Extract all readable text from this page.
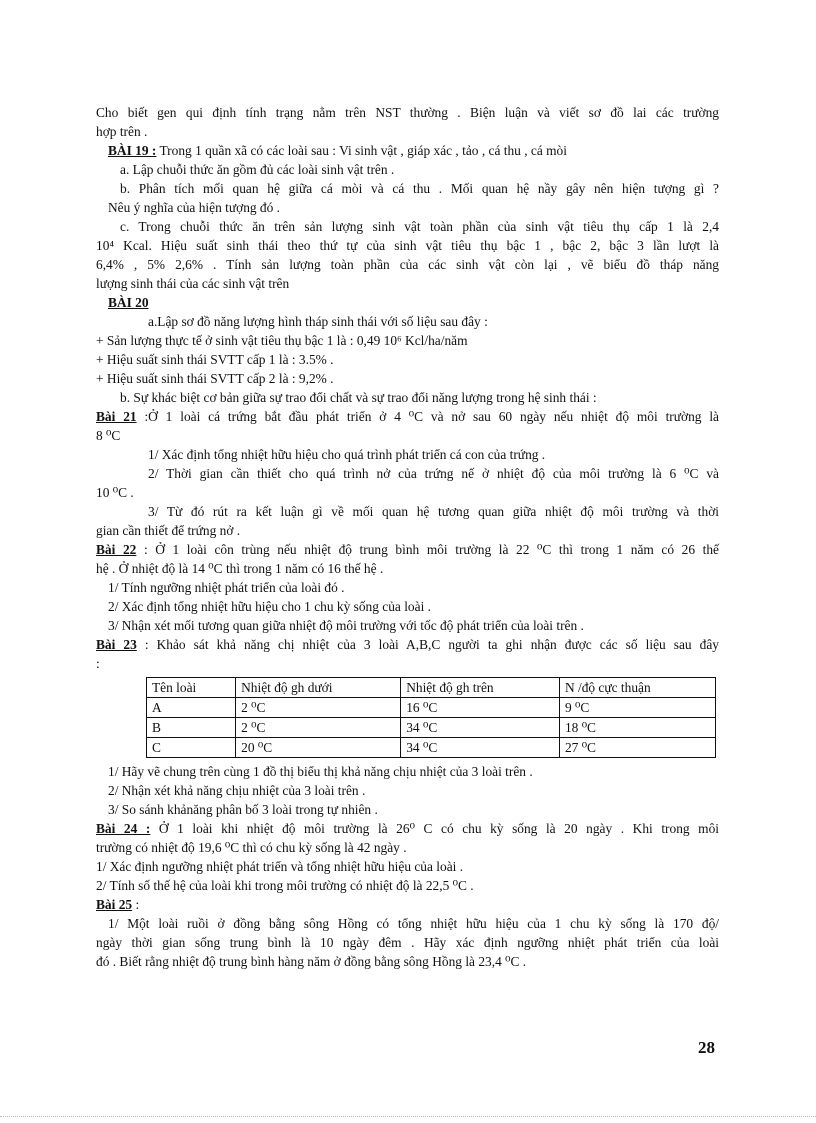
Cho biết gen qui định tính trạng nằm trên NST thường . Biện luận và viết sơ đồ lai các trường

hợp trên .

BÀI 19 : Trong 1 quần xã có các loài sau : Vi sinh vật , giáp xác , tảo , cá thu , cá mòi

a. Lập chuỗi thức ăn gồm đủ các loài sinh vật trên .

b. Phân tích mối quan hệ giữa cá mòi và cá thu . Mối quan hệ nầy gây nên hiện tượng gì ?

Nêu ý nghĩa của hiện tượng đó .

c. Trong chuỗi thức ăn trên sản lượng sinh vật toàn phần của sinh vật tiêu thụ cấp 1 là 2,4

10⁴ Kcal. Hiệu suất sinh thái theo thứ tự của sinh vật tiêu thụ bậc 1 , bậc 2, bậc 3 lần lượt là

6,4% , 5% 2,6% . Tính sản lượng toàn phần của các sinh vật còn lại , vẽ biểu đồ tháp năng

lượng sinh thái của các sinh vật trên

BÀI 20

a.Lập sơ đồ năng lượng hình tháp sinh thái với số liệu sau đây :

+ Sản lượng thực tế ở sinh vật tiêu thụ bậc 1 là : 0,49 10⁶ Kcl/ha/năm

+ Hiệu suất sinh thái SVTT cấp 1 là : 3.5% .

+ Hiệu suất sinh thái SVTT cấp 2 là : 9,2% .

b. Sự khác biệt cơ bản giữa sự trao đổi chất và sự trao đổi năng lượng trong hệ sinh thái :

Bài 21 :Ở 1 loài cá trứng bắt đầu phát triển ở 4 ⁰C và nở sau 60 ngày nếu nhiệt độ môi trường là

8 ⁰C

1/ Xác định tổng nhiệt hữu hiệu cho quá trình phát triển cá con của trứng .

2/ Thời gian cần thiết cho quá trình nở của trứng nế ở nhiệt độ của môi trường là 6 ⁰C và

10 ⁰C .

3/ Từ đó rút ra kết luận gì về mối quan hệ tương quan giữa nhiệt độ môi trường và thời

gian cần thiết để trứng nở .

Bài 22 : Ở 1 loài côn trùng nếu nhiệt độ trung bình môi trường là 22 ⁰C thì trong 1 năm có 26 thế

hệ . Ở nhiệt độ là 14 ⁰C thì trong 1 năm có 16 thế hệ .

1/ Tính ngưỡng nhiệt phát triển của loài đó .

2/ Xác định tổng nhiệt hữu hiệu cho 1 chu kỳ sống của loài .

3/ Nhận xét mối tương quan giữa nhiệt độ môi trường với tốc độ phát triển của loài trên .

Bài 23 : Khảo sát khả năng chị nhiệt của 3 loài A,B,C người ta ghi nhận được các số liệu sau đây

:

Tên loài	Nhiệt độ gh dưới	Nhiệt độ gh trên	N /độ cực thuận
A	2 ⁰C	16 ⁰C	9 ⁰C
B	2 ⁰C	34 ⁰C	18 ⁰C
C	20 ⁰C	34 ⁰C	27 ⁰C

1/ Hãy vẽ chung trên cùng 1 đồ thị biểu thị khả năng chịu nhiệt của 3 loài trên .

2/ Nhận xét khả năng chịu nhiệt của 3 loài trên .

3/ So sánh khảnăng phân bố 3 loài trong tự nhiên .

Bài 24 : Ở 1 loài khi nhiệt độ môi trường là 26⁰ C có chu kỳ sống là 20 ngày . Khi trong môi

trường có nhiệt độ 19,6 ⁰C thì có chu kỳ sống là 42 ngày .

1/ Xác định ngưỡng nhiệt phát triển và tổng nhiệt hữu hiệu của loài .

2/ Tính số thế hệ của loài khi trong môi trường có nhiệt độ là 22,5 ⁰C .

Bài 25 :

1/ Một loài ruồi ở đồng bằng sông Hồng có tổng nhiệt hữu hiệu của 1 chu kỳ sống là 170 độ/

ngày thời gian sống trung bình là 10 ngày đêm . Hãy xác định ngưỡng nhiệt phát triển của loài

đó . Biết rằng nhiệt độ trung bình hàng năm ở đồng bằng sông Hồng là 23,4 ⁰C .

28
